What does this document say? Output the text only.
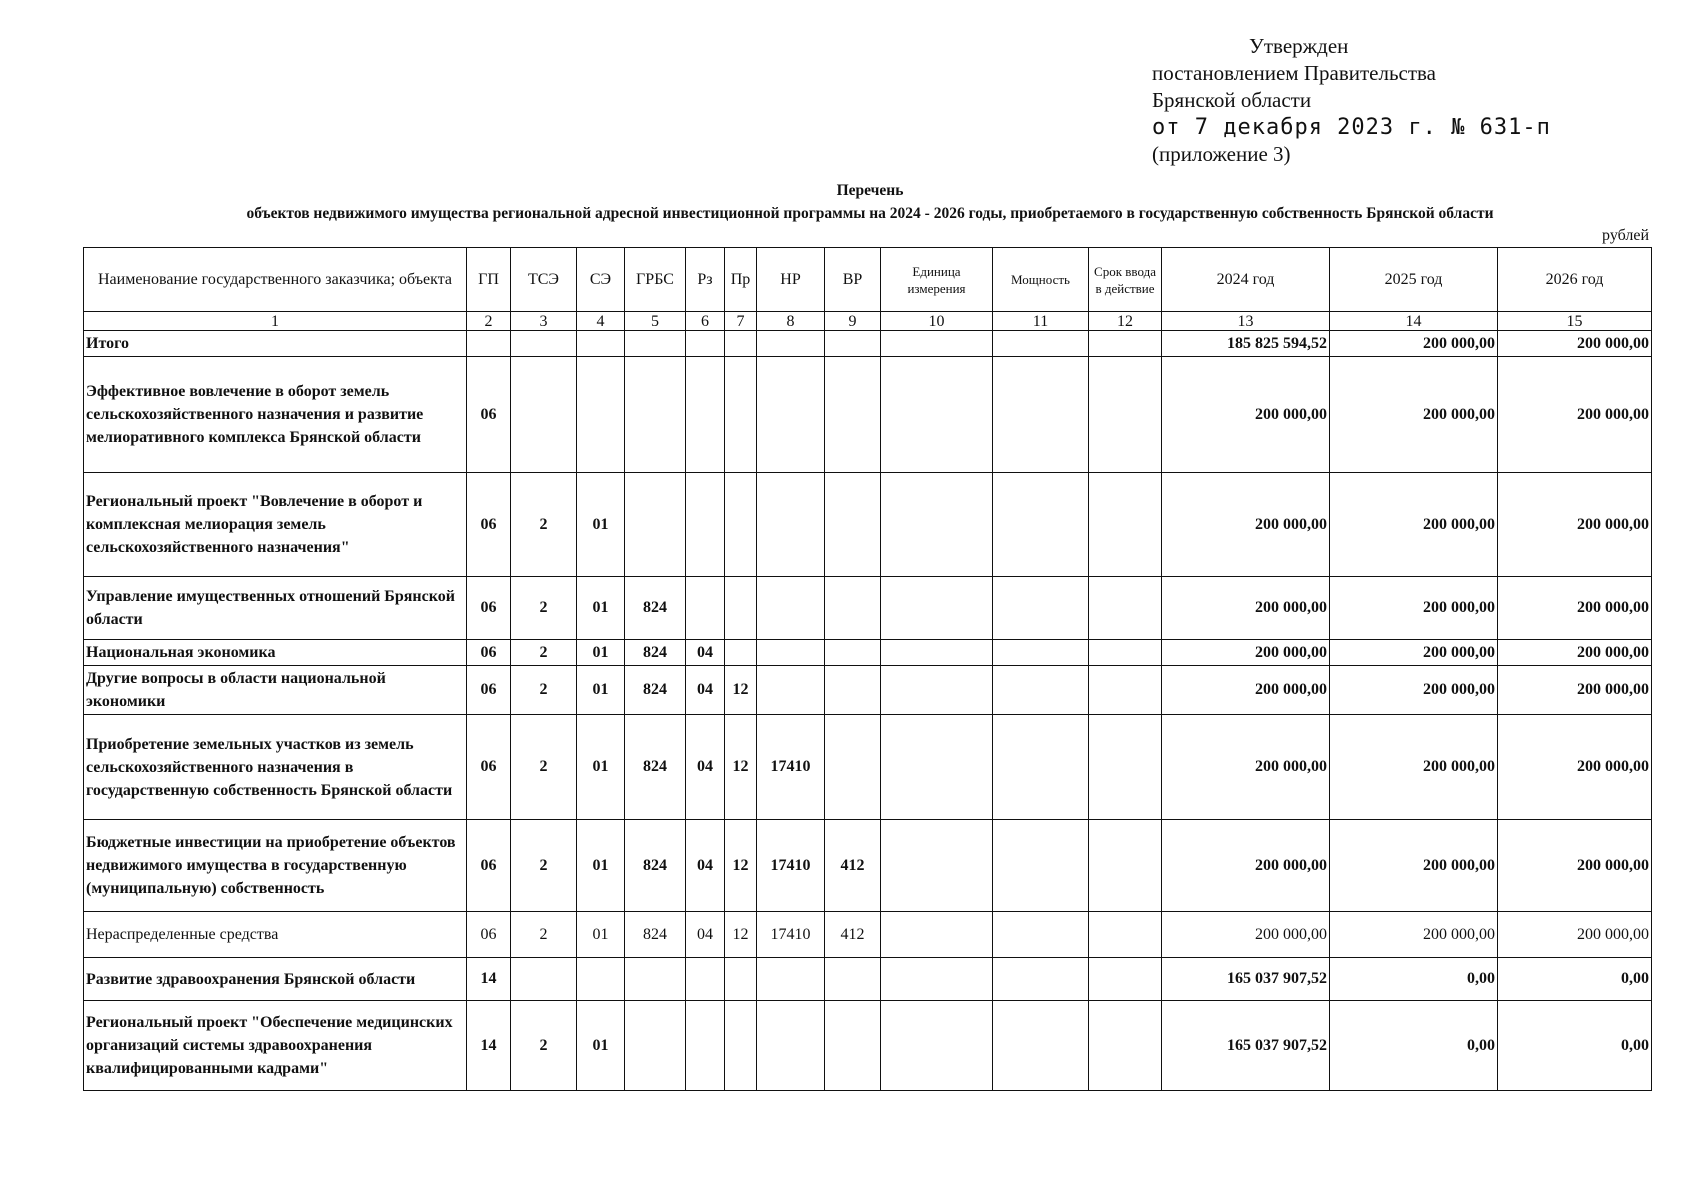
Утвержден
постановлением Правительства
Брянской области
от 7 декабря 2023 г. № 631-п
(приложение 3)
Перечень
объектов недвижимого имущества региональной адресной инвестиционной программы на 2024 - 2026 годы, приобретаемого в государственную собственность Брянской области
рублей
Наименование государственного заказчика; объекта	ГП	ТСЭ	СЭ	ГРБС	Рз	Пр	НР	ВР	Единица измерения	Мощность	Срок ввода в действие	2024 год	2025 год	2026 год
1	2	3	4	5	6	7	8	9	10	11	12	13	14	15
Итого												185 825 594,52	200 000,00	200 000,00
Эффективное вовлечение в оборот земель сельскохозяйственного назначения и развитие мелиоративного комплекса Брянской области	06											200 000,00	200 000,00	200 000,00
Региональный проект "Вовлечение в оборот и комплексная мелиорация земель сельскохозяйственного назначения"	06	2	01									200 000,00	200 000,00	200 000,00
Управление имущественных отношений Брянской области	06	2	01	824								200 000,00	200 000,00	200 000,00
Национальная экономика	06	2	01	824	04							200 000,00	200 000,00	200 000,00
Другие вопросы в области национальной экономики	06	2	01	824	04	12						200 000,00	200 000,00	200 000,00
Приобретение земельных участков из земель сельскохозяйственного назначения в государственную собственность Брянской области	06	2	01	824	04	12	17410					200 000,00	200 000,00	200 000,00
Бюджетные инвестиции на приобретение объектов недвижимого имущества в государственную (муниципальную) собственность	06	2	01	824	04	12	17410	412				200 000,00	200 000,00	200 000,00
Нераспределенные средства	06	2	01	824	04	12	17410	412				200 000,00	200 000,00	200 000,00
Развитие здравоохранения Брянской области	14											165 037 907,52	0,00	0,00
Региональный проект "Обеспечение медицинских организаций системы здравоохранения квалифицированными кадрами"	14	2	01									165 037 907,52	0,00	0,00
